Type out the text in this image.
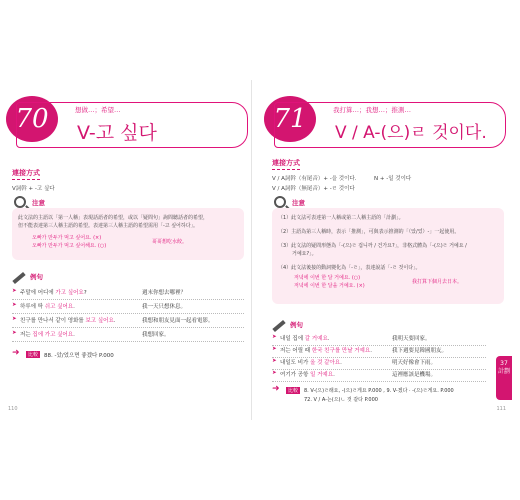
70	想做…；希望…
V-고 싶다
連接方式
V詞幹 + -고 싶다
注意
此文法的主語以「第一人稱」表現話語者的希望，或以「疑問句」詢問聽話者的希望，
但不能表達第三人稱主語的希望。表達第三人稱主語的希望需用「-고 싶어하다」。
오빠가 만두가 먹고 싶어요. (×)
오빠가 만두가 먹고 싶어해요. (○)
哥哥想吃水餃。
例句
➤ 주말에 어디에 가고 싶어요?	週末你想去哪裡？
➤ 하루에 딱 쉬고 싶어요.	我一天只想休息。
➤ 친구를 만나서 같이 영화를 보고 싶어요.	我想和朋友見面一起看電影。
➤ 저는 집에 가고 싶어요.	我想回家。
➜	比較	88. -았/었으면 좋겠다 P.000
110
71	我打算…；我想…；推測…
V / A-(으)ㄹ 것이다.
連接方式
V / A詞幹（有尾音）+ -을 것이다.	N + -일 것이다
V / A詞幹（無尾音）+ -ㄹ 것이다
注意
（1）此文法可表達第一人稱或第二人稱主語的「計劃」。
（2）主語為第三人稱時，表示「推測」，可與表示推測的「（았/었）-」一起使用。
（3）此文法的疑問形態為「-(으)ㄹ 겁니까 / 건가요?」，非格式體為「-(으)ㄹ 거예요 /
거예요?」。
（4）此文法後接的動詞變化為「-ㄹ」，表達說話「-ㄹ 것이다」。
저녁에 이번 한 달 거예요. (○)
저녁에 이번 한 달을 거예요. (×)
我打算下個月去日本。
例句
➤ 내일 집에 갈 거예요.	我明天要回家。
➤ 저는 어릴 때 한국 친구를 만날 거예요.	我下週要見韓國朋友。
➤ 내일도 비가 올 것 같아요.	明天好像會下雨。
➤ 여기가 공항 일 거예요.	這裡應該是機場。
➜	比較	8. V-(으)ㄹ래요, -(으)ㄹ게요 P.000 , 9. V-겠다 · -(으)ㄹ게요. P.000
72. V / A-는(으)ㄴ 것 같다 P.000
37
計劃
111
